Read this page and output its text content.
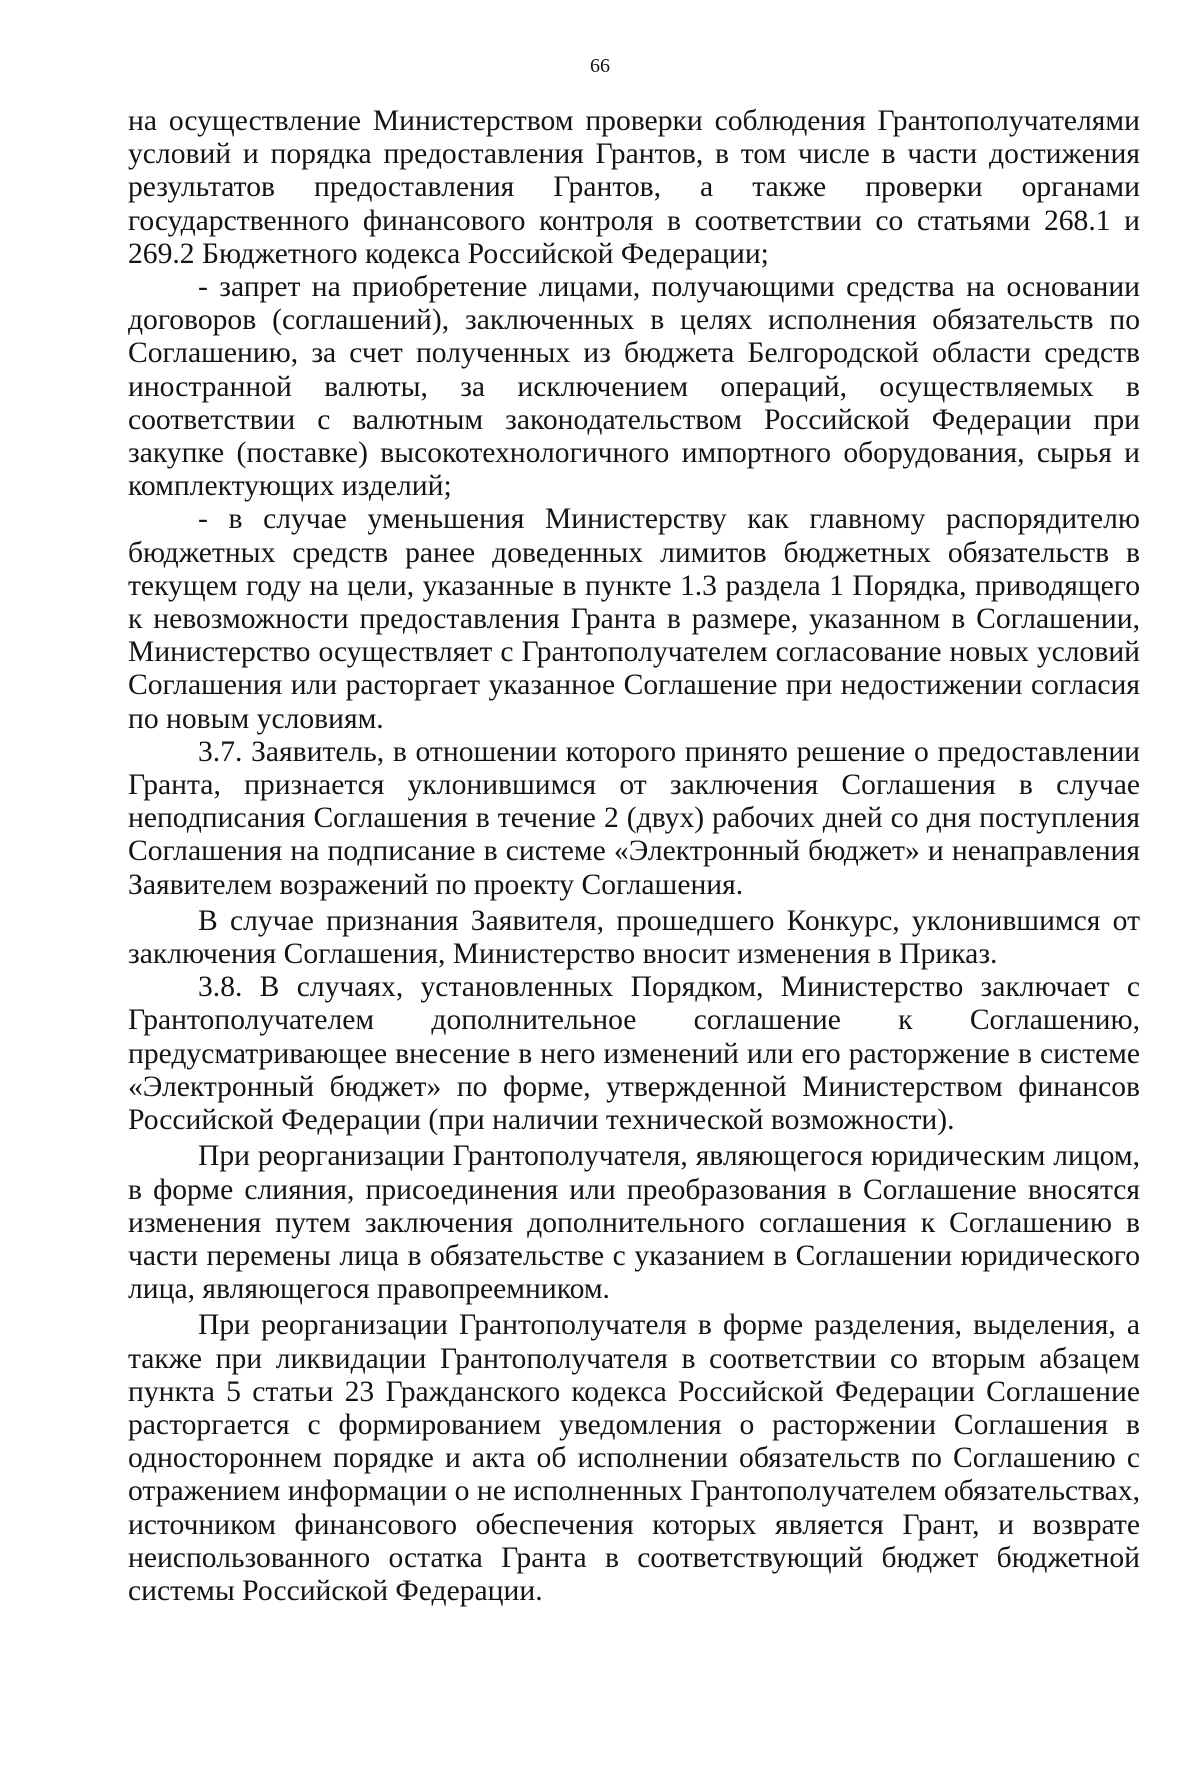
66

на осуществление Министерством проверки соблюдения Грантополучателями условий и порядка предоставления Грантов, в том числе в части достижения результатов предоставления Грантов, а также проверки органами государственного финансового контроля в соответствии со статьями 268.1 и 269.2 Бюджетного кодекса Российской Федерации;

- запрет на приобретение лицами, получающими средства на основании договоров (соглашений), заключенных в целях исполнения обязательств по Соглашению, за счет полученных из бюджета Белгородской области средств иностранной валюты, за исключением операций, осуществляемых в соответствии с валютным законодательством Российской Федерации при закупке (поставке) высокотехнологичного импортного оборудования, сырья и комплектующих изделий;

- в случае уменьшения Министерству как главному распорядителю бюджетных средств ранее доведенных лимитов бюджетных обязательств в текущем году на цели, указанные в пункте 1.3 раздела 1 Порядка, приводящего к невозможности предоставления Гранта в размере, указанном в Соглашении, Министерство осуществляет с Грантополучателем согласование новых условий Соглашения или расторгает указанное Соглашение при недостижении согласия по новым условиям.

3.7. Заявитель, в отношении которого принято решение о предоставлении Гранта, признается уклонившимся от заключения Соглашения в случае неподписания Соглашения в течение 2 (двух) рабочих дней со дня поступления Соглашения на подписание в системе «Электронный бюджет» и ненаправления Заявителем возражений по проекту Соглашения.

В случае признания Заявителя, прошедшего Конкурс, уклонившимся от заключения Соглашения, Министерство вносит изменения в Приказ.

3.8. В случаях, установленных Порядком, Министерство заключает с Грантополучателем дополнительное соглашение к Соглашению, предусматривающее внесение в него изменений или его расторжение в системе «Электронный бюджет» по форме, утвержденной Министерством финансов Российской Федерации (при наличии технической возможности).

При реорганизации Грантополучателя, являющегося юридическим лицом, в форме слияния, присоединения или преобразования в Соглашение вносятся изменения путем заключения дополнительного соглашения к Соглашению в части перемены лица в обязательстве с указанием в Соглашении юридического лица, являющегося правопреемником.

При реорганизации Грантополучателя в форме разделения, выделения, а также при ликвидации Грантополучателя в соответствии со вторым абзацем пункта 5 статьи 23 Гражданского кодекса Российской Федерации Соглашение расторгается с формированием уведомления о расторжении Соглашения в одностороннем порядке и акта об исполнении обязательств по Соглашению с отражением информации о не исполненных Грантополучателем обязательствах, источником финансового обеспечения которых является Грант, и возврате неиспользованного остатка Гранта в соответствующий бюджет бюджетной системы Российской Федерации.
